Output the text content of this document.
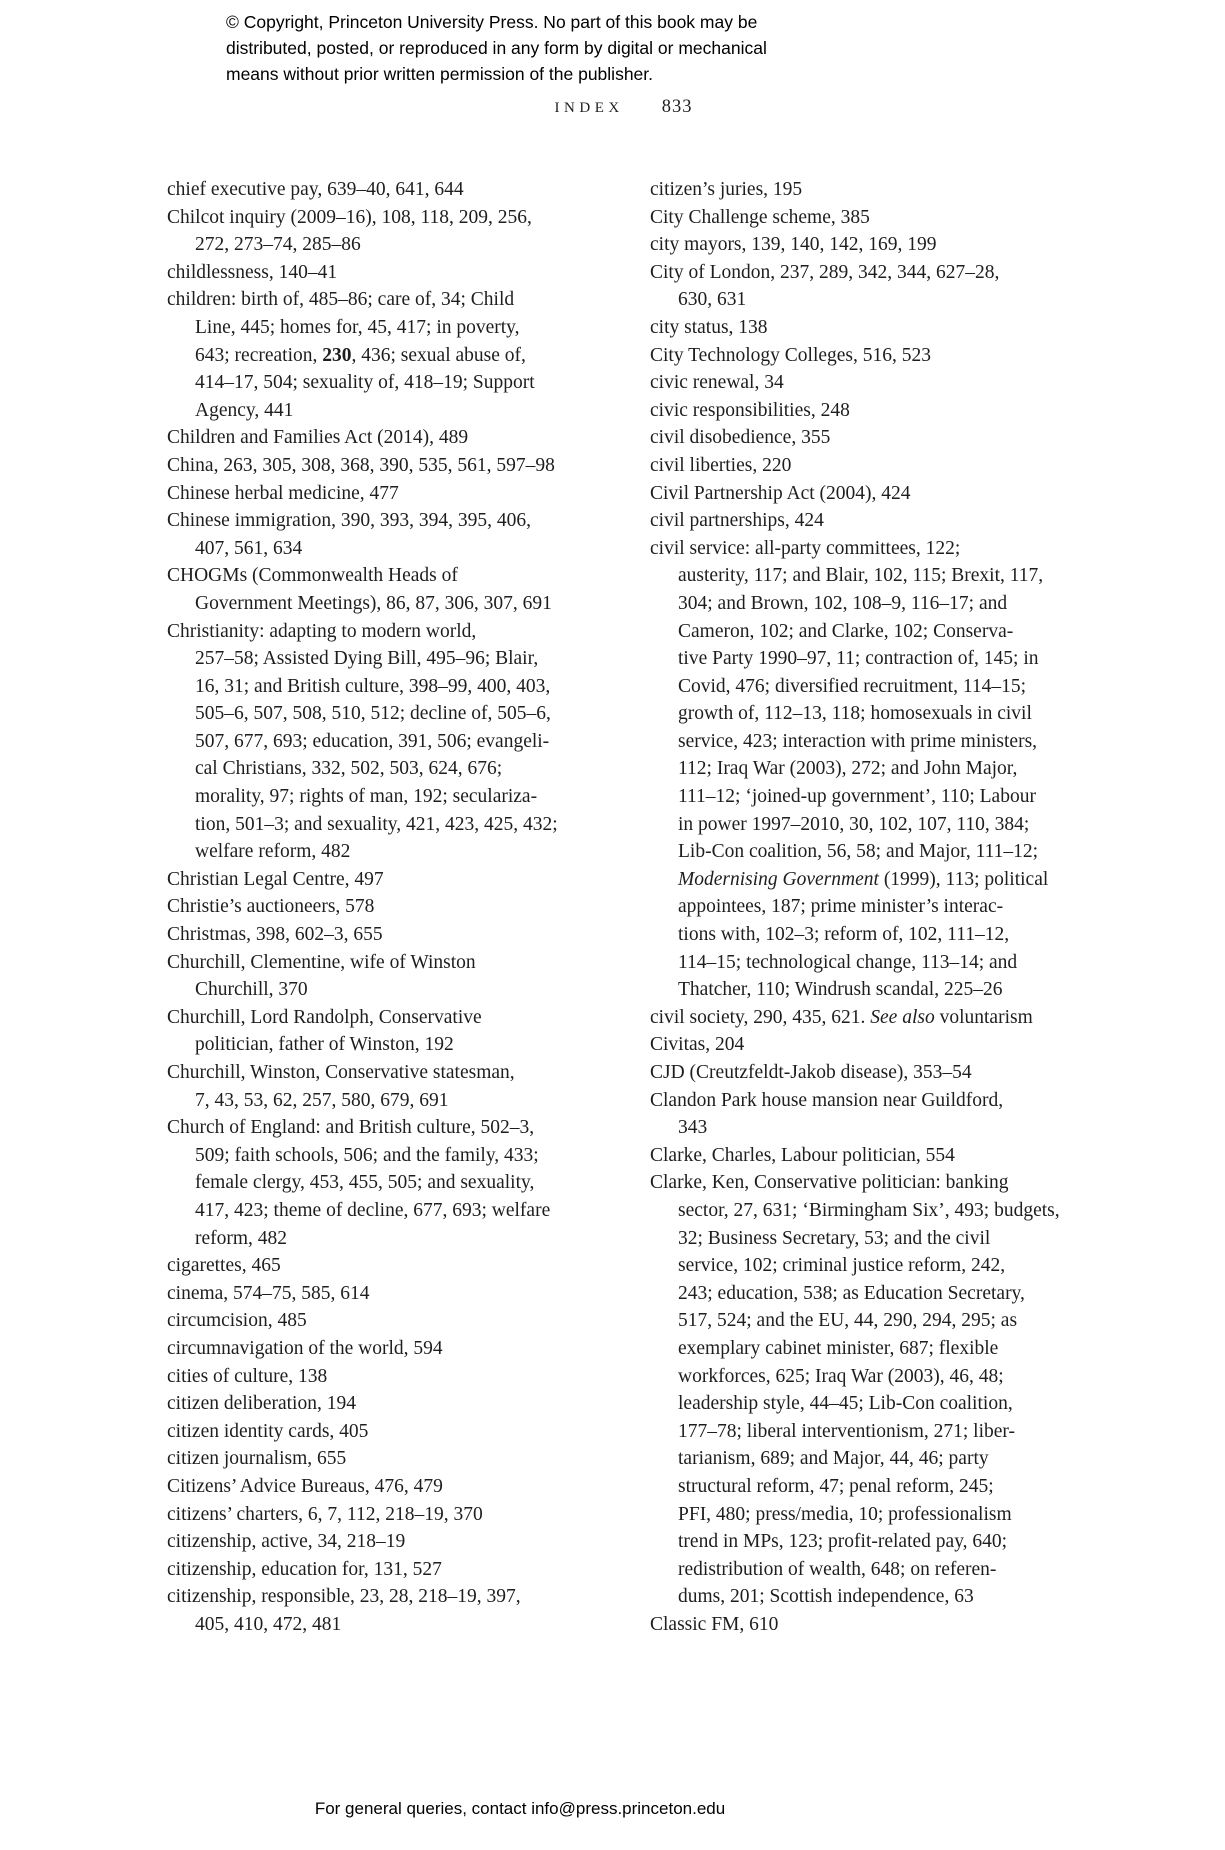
© Copyright, Princeton University Press. No part of this book may be
distributed, posted, or reproduced in any form by digital or mechanical
means without prior written permission of the publisher.
INDEX 833
chief executive pay, 639–40, 641, 644
Chilcot inquiry (2009–16), 108, 118, 209, 256,
272, 273–74, 285–86
childlessness, 140–41
children: birth of, 485–86; care of, 34; Child
Line, 445; homes for, 45, 417; in poverty,
643; recreation, 230, 436; sexual abuse of,
414–17, 504; sexuality of, 418–19; Support
Agency, 441
Children and Families Act (2014), 489
China, 263, 305, 308, 368, 390, 535, 561, 597–98
Chinese herbal medicine, 477
Chinese immigration, 390, 393, 394, 395, 406,
407, 561, 634
CHOGMs (Commonwealth Heads of
Government Meetings), 86, 87, 306, 307, 691
Christianity: adapting to modern world,
257–58; Assisted Dying Bill, 495–96; Blair,
16, 31; and British culture, 398–99, 400, 403,
505–6, 507, 508, 510, 512; decline of, 505–6,
507, 677, 693; education, 391, 506; evangeli-
cal Christians, 332, 502, 503, 624, 676;
morality, 97; rights of man, 192; seculariza-
tion, 501–3; and sexuality, 421, 423, 425, 432;
welfare reform, 482
Christian Legal Centre, 497
Christie’s auctioneers, 578
Christmas, 398, 602–3, 655
Churchill, Clementine, wife of Winston
Churchill, 370
Churchill, Lord Randolph, Conservative
politician, father of Winston, 192
Churchill, Winston, Conservative statesman,
7, 43, 53, 62, 257, 580, 679, 691
Church of England: and British culture, 502–3,
509; faith schools, 506; and the family, 433;
female clergy, 453, 455, 505; and sexuality,
417, 423; theme of decline, 677, 693; welfare
reform, 482
cigarettes, 465
cinema, 574–75, 585, 614
circumcision, 485
circumnavigation of the world, 594
cities of culture, 138
citizen deliberation, 194
citizen identity cards, 405
citizen journalism, 655
Citizens’ Advice Bureaus, 476, 479
citizens’ charters, 6, 7, 112, 218–19, 370
citizenship, active, 34, 218–19
citizenship, education for, 131, 527
citizenship, responsible, 23, 28, 218–19, 397,
405, 410, 472, 481
citizen’s juries, 195
City Challenge scheme, 385
city mayors, 139, 140, 142, 169, 199
City of London, 237, 289, 342, 344, 627–28,
630, 631
city status, 138
City Technology Colleges, 516, 523
civic renewal, 34
civic responsibilities, 248
civil disobedience, 355
civil liberties, 220
Civil Partnership Act (2004), 424
civil partnerships, 424
civil service: all-party committees, 122;
austerity, 117; and Blair, 102, 115; Brexit, 117,
304; and Brown, 102, 108–9, 116–17; and
Cameron, 102; and Clarke, 102; Conserva-
tive Party 1990–97, 11; contraction of, 145; in
Covid, 476; diversified recruitment, 114–15;
growth of, 112–13, 118; homosexuals in civil
service, 423; interaction with prime ministers,
112; Iraq War (2003), 272; and John Major,
111–12; ‘joined-up government’, 110; Labour
in power 1997–2010, 30, 102, 107, 110, 384;
Lib-Con coalition, 56, 58; and Major, 111–12;
Modernising Government (1999), 113; political
appointees, 187; prime minister’s interac-
tions with, 102–3; reform of, 102, 111–12,
114–15; technological change, 113–14; and
Thatcher, 110; Windrush scandal, 225–26
civil society, 290, 435, 621. See also voluntarism
Civitas, 204
CJD (Creutzfeldt-Jakob disease), 353–54
Clandon Park house mansion near Guildford,
343
Clarke, Charles, Labour politician, 554
Clarke, Ken, Conservative politician: banking
sector, 27, 631; ‘Birmingham Six’, 493; budgets,
32; Business Secretary, 53; and the civil
service, 102; criminal justice reform, 242,
243; education, 538; as Education Secretary,
517, 524; and the EU, 44, 290, 294, 295; as
exemplary cabinet minister, 687; flexible
workforces, 625; Iraq War (2003), 46, 48;
leadership style, 44–45; Lib-Con coalition,
177–78; liberal interventionism, 271; liber-
tarianism, 689; and Major, 44, 46; party
structural reform, 47; penal reform, 245;
PFI, 480; press/media, 10; professionalism
trend in MPs, 123; profit-related pay, 640;
redistribution of wealth, 648; on referen-
dums, 201; Scottish independence, 63
Classic FM, 610
For general queries, contact info@press.princeton.edu
